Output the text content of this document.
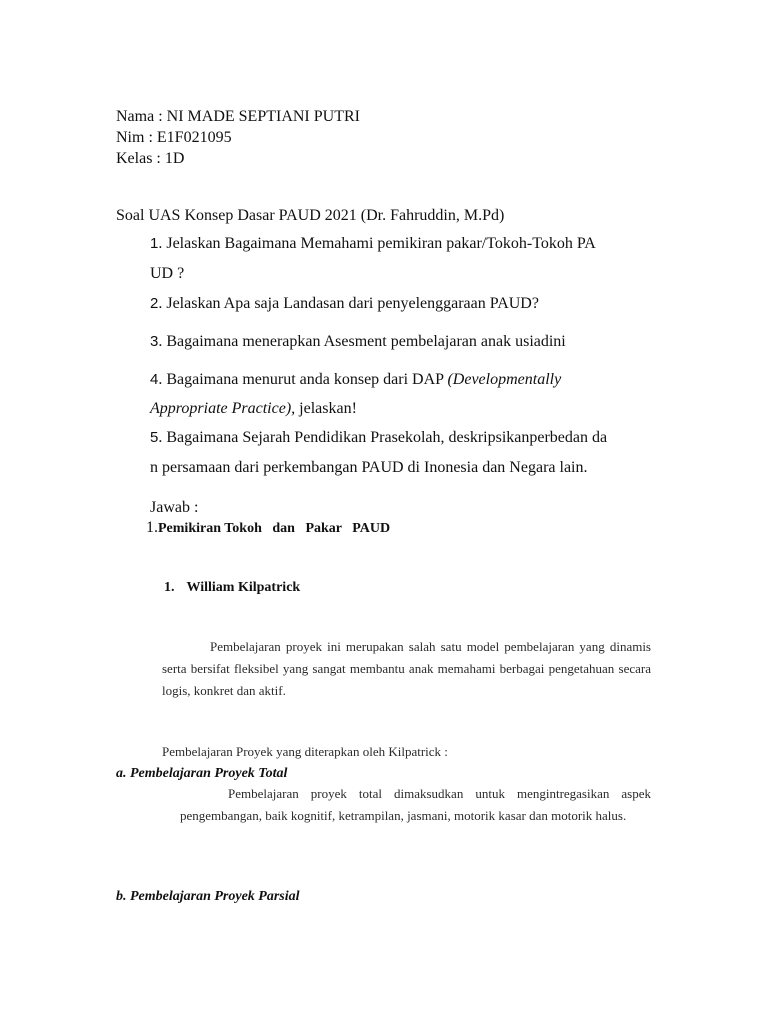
Nama : NI MADE SEPTIANI PUTRI
Nim : E1F021095
Kelas : 1D
Soal UAS Konsep Dasar PAUD 2021 (Dr. Fahruddin, M.Pd)
1. Jelaskan Bagaimana Memahami pemikiran pakar/Tokoh-Tokoh PA
UD ?
2. Jelaskan Apa saja Landasan dari penyelenggaraan PAUD?
3. Bagaimana menerapkan Asesment pembelajaran anak usiadini
4. Bagaimana menurut anda konsep dari DAP (Developmentally
Appropriate Practice), jelaskan!
5. Bagaimana Sejarah Pendidikan Prasekolah, deskripsikanperbedan da
n persamaan dari perkembangan PAUD di Inonesia dan Negara lain.
Jawab :
1.Pemikiran Tokoh   dan   Pakar   PAUD
1. William Kilpatrick
Pembelajaran proyek ini merupakan salah satu model pembelajaran yang dinamis serta bersifat fleksibel yang sangat membantu anak memahami berbagai pengetahuan secara logis, konkret dan aktif.
Pembelajaran Proyek yang diterapkan oleh Kilpatrick :
a. Pembelajaran Proyek Total
Pembelajaran proyek total dimaksudkan untuk mengintregasikan aspek pengembangan, baik kognitif, ketrampilan, jasmani, motorik kasar dan motorik halus.
b. Pembelajaran Proyek Parsial
